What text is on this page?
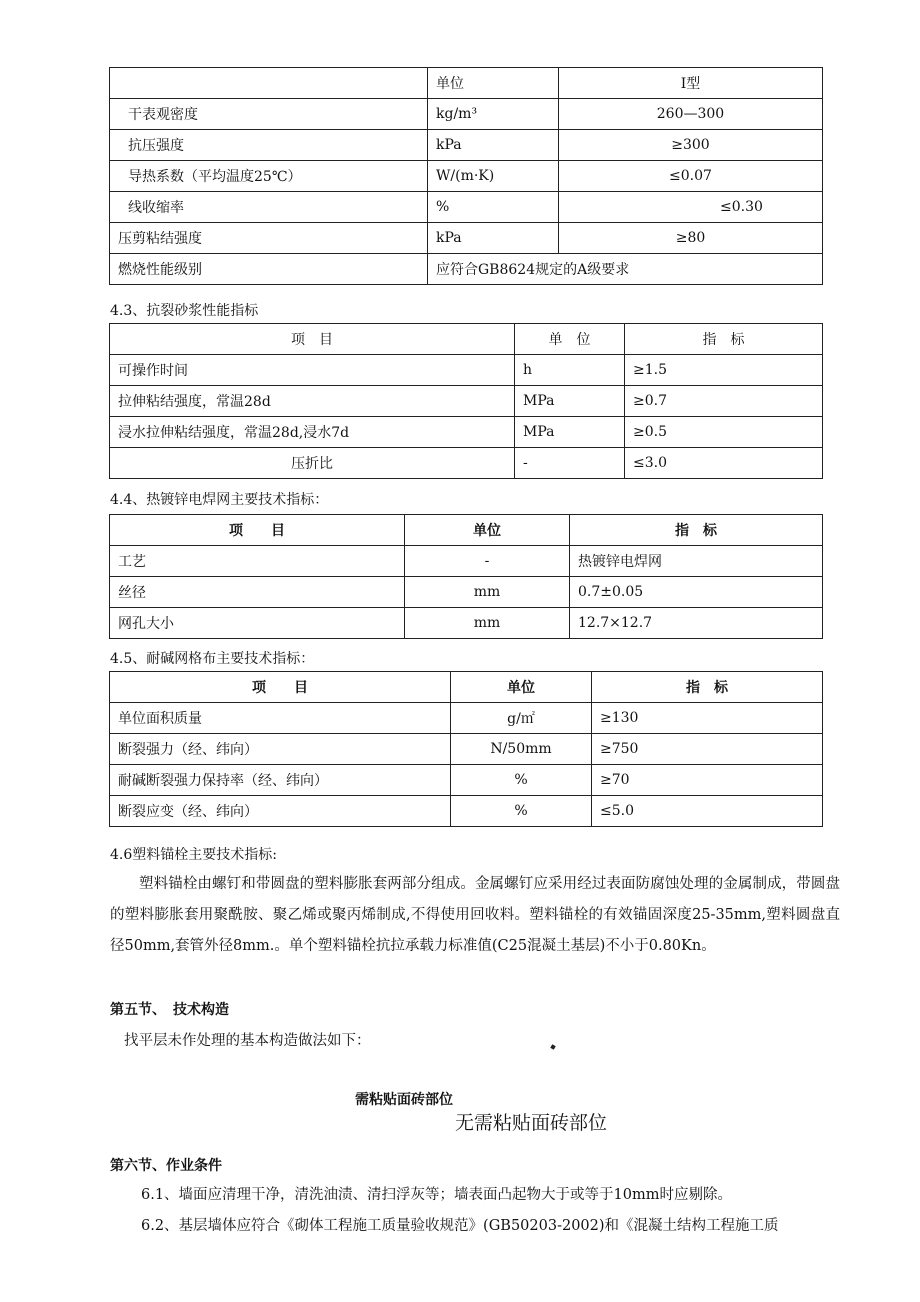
	单位	Ⅰ型
干表观密度	kg/m³	260—300
抗压强度	kPa	≥300
导热系数（平均温度25℃）	W/(m·K)	≤0.07
线收缩率	%	≤0.30
压剪粘结强度	kPa	≥80
燃烧性能级别	应符合GB8624规定的A级要求	
4.3、抗裂砂浆性能指标
项　目	单　位	指　标
可操作时间	h	≥1.5
拉伸粘结强度，常温28d	MPa	≥0.7
浸水拉伸粘结强度，常温28d,浸水7d	MPa	≥0.5
压折比	-	≤3.0
4.4、热镀锌电焊网主要技术指标：
项　　目	单位	指　标
工艺	-	热镀锌电焊网
丝径	mm	0.7±0.05
网孔大小	mm	12.7×12.7
4.5、耐碱网格布主要技术指标：
项　　目	单位	指　标
单位面积质量	g/㎡	≥130
断裂强力（经、纬向）	N/50mm	≥750
耐碱断裂强力保持率（经、纬向）	%	≥70
断裂应变（经、纬向）	%	≤5.0
4.6塑料锚栓主要技术指标:

塑料锚栓由螺钉和带圆盘的塑料膨胀套两部分组成。金属螺钉应采用经过表面防腐蚀处理的金属制成，带圆盘的塑料膨胀套用聚酰胺、聚乙烯或聚丙烯制成,不得使用回收料。塑料锚栓的有效锚固深度25-35mm,塑料圆盘直径50mm,套管外径8mm.。单个塑料锚栓抗拉承载力标准值(C25混凝土基层)不小于0.80Kn。

第五节、　技术构造
找平层未作处理的基本构造做法如下：
需粘贴面砖部位
无需粘贴面砖部位
第六节、作业条件
6.1、墙面应清理干净，清洗油渍、清扫浮灰等；墙表面凸起物大于或等于10mm时应剔除。
6.2、基层墙体应符合《砌体工程施工质量验收规范》(GB50203-2002)和《混凝土结构工程施工质
